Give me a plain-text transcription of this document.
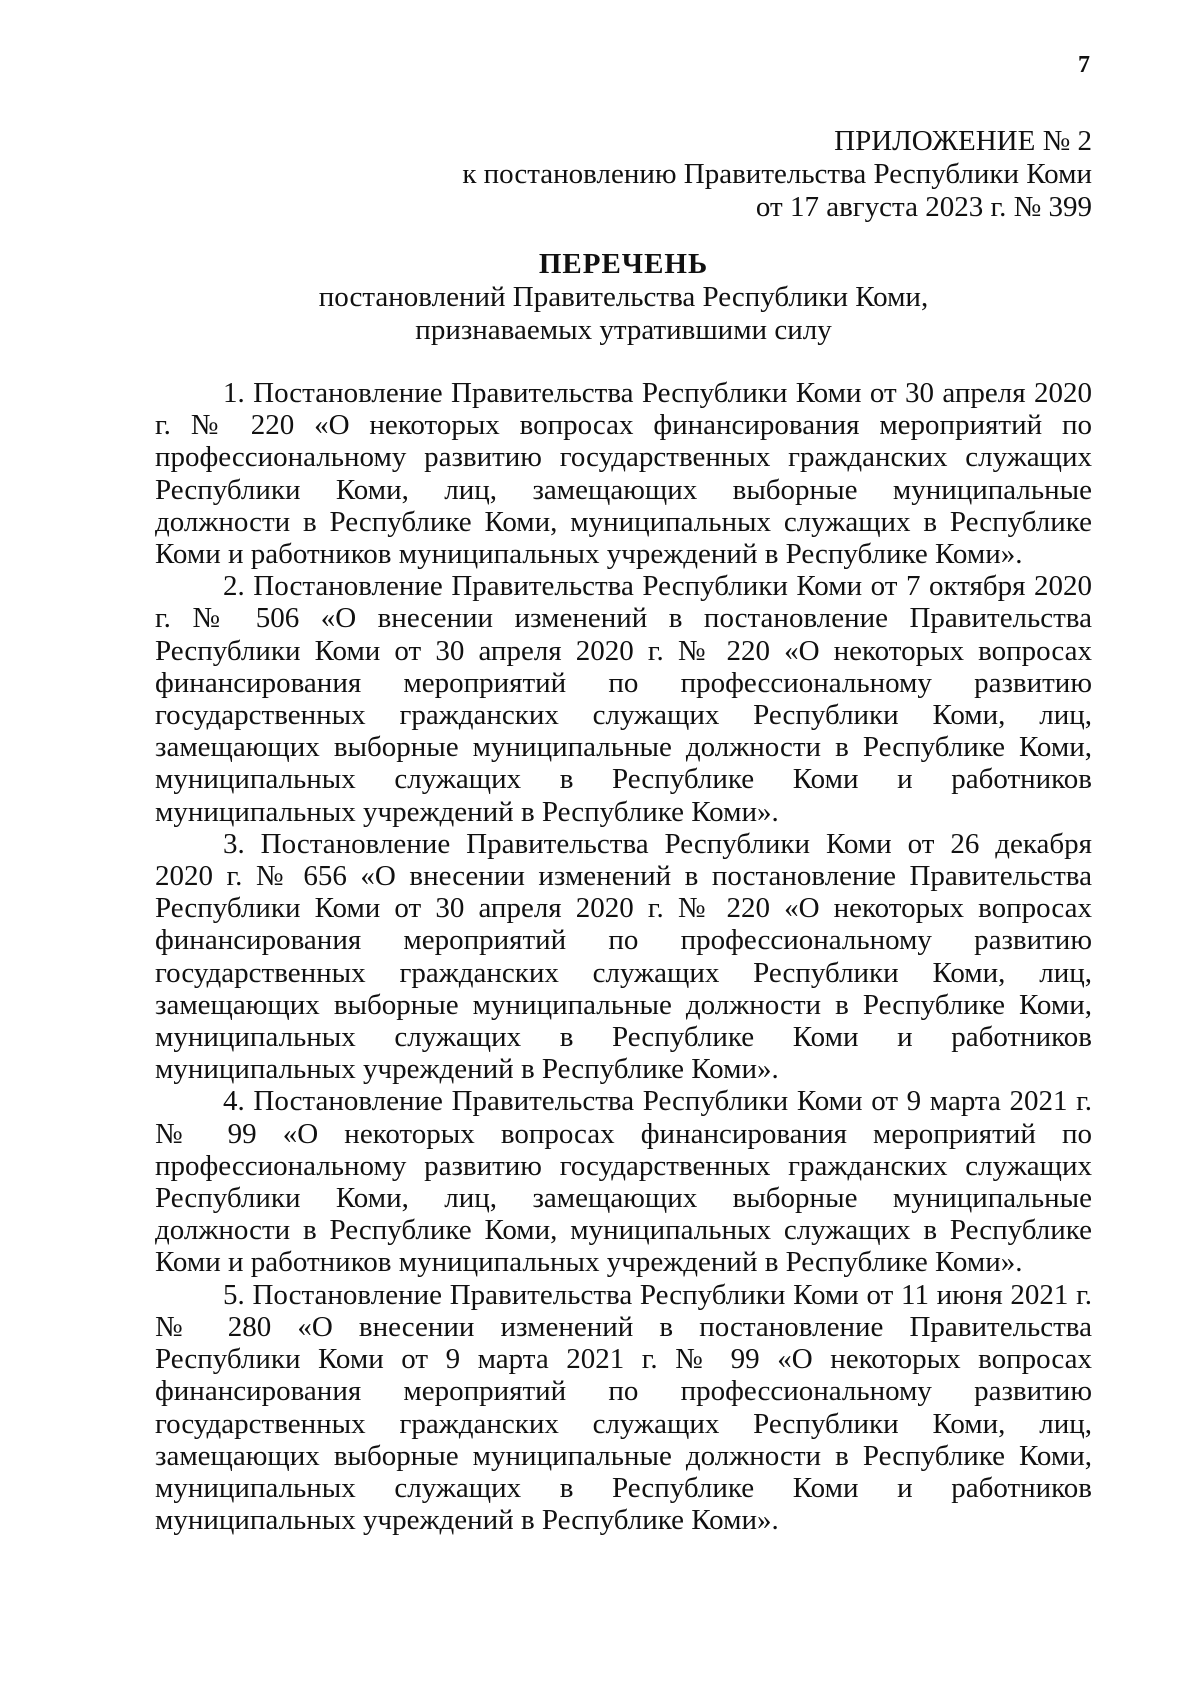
7
ПРИЛОЖЕНИЕ № 2
к постановлению Правительства Республики Коми
от 17 августа 2023 г. № 399
ПЕРЕЧЕНЬ
постановлений Правительства Республики Коми,
признаваемых утратившими силу

1. Постановление Правительства Республики Коми от 30 апреля 2020 г. № 220 «О некоторых вопросах финансирования мероприятий по профессиональному развитию государственных гражданских служащих Республики Коми, лиц, замещающих выборные муниципальные должности в Республике Коми, муниципальных служащих в Республике Коми и работников муниципальных учреждений в Республике Коми».

2. Постановление Правительства Республики Коми от 7 октября 2020 г. № 506 «О внесении изменений в постановление Правительства Республики Коми от 30 апреля 2020 г. № 220 «О некоторых вопросах финансирования мероприятий по профессиональному развитию государственных гражданских служащих Республики Коми, лиц, замещающих выборные муниципальные должности в Республике Коми, муниципальных служащих в Республике Коми и работников муниципальных учреждений в Республике Коми».

3. Постановление Правительства Республики Коми от 26 декабря 2020 г. № 656 «О внесении изменений в постановление Правительства Республики Коми от 30 апреля 2020 г. № 220 «О некоторых вопросах финансирования мероприятий по профессиональному развитию государственных гражданских служащих Республики Коми, лиц, замещающих выборные муниципальные должности в Республике Коми, муниципальных служащих в Республике Коми и работников муниципальных учреждений в Республике Коми».

4. Постановление Правительства Республики Коми от 9 марта 2021 г. № 99 «О некоторых вопросах финансирования мероприятий по профессиональному развитию государственных гражданских служащих Республики Коми, лиц, замещающих выборные муниципальные должности в Республике Коми, муниципальных служащих в Республике Коми и работников муниципальных учреждений в Республике Коми».

5. Постановление Правительства Республики Коми от 11 июня 2021 г. № 280 «О внесении изменений в постановление Правительства Республики Коми от 9 марта 2021 г. № 99 «О некоторых вопросах финансирования мероприятий по профессиональному развитию государственных гражданских служащих Республики Коми, лиц, замещающих выборные муниципальные должности в Республике Коми, муниципальных служащих в Республике Коми и работников муниципальных учреждений в Республике Коми».
